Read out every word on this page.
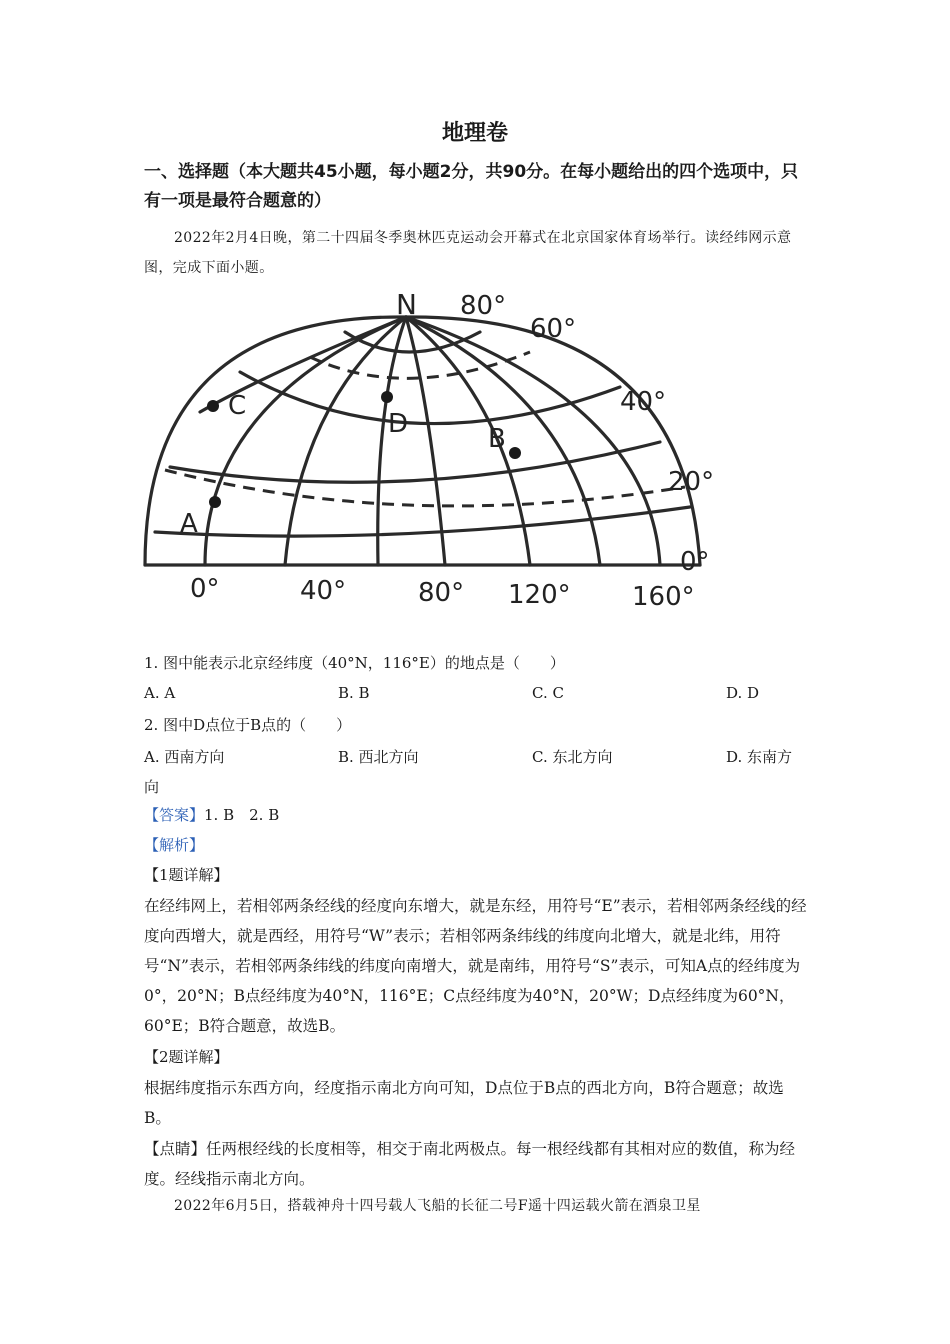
地理卷
一、选择题（本大题共45小题，每小题2分，共90分。在每小题给出的四个选项中，只有一项是最符合题意的）
2022年2月4日晚，第二十四届冬季奥林匹克运动会开幕式在北京国家体育场举行。读经纬网示意图，完成下面小题。
N 80°
60°
40°
20°
0°
0°	40°	80° 120° 160°
A
B
C
D
1. 图中能表示北京经纬度（40°N，116°E）的地点是（　　）
A. A	B. B	C. C	D. D
2. 图中D点位于B点的（　　）
A. 西南方向	B. 西北方向	C. 东北方向	D. 东南方
向
【答案】1. B　2. B
【解析】
【1题详解】
在经纬网上，若相邻两条经线的经度向东增大，就是东经，用符号“E”表示，若相邻两条经线的经度向西增大，就是西经，用符号“W”表示；若相邻两条纬线的纬度向北增大，就是北纬，用符号“N”表示，若相邻两条纬线的纬度向南增大，就是南纬，用符号“S”表示，可知A点的经纬度为0°，20°N；B点经纬度为40°N，116°E；C点经纬度为40°N，20°W；D点经纬度为60°N，60°E；B符合题意，故选B。
【2题详解】
根据纬度指示东西方向，经度指示南北方向可知，D点位于B点的西北方向，B符合题意；故选B。
【点睛】任两根经线的长度相等，相交于南北两极点。每一根经线都有其相对应的数值，称为经度。经线指示南北方向。
2022年6月5日，搭载神舟十四号载人飞船的长征二号F遥十四运载火箭在酒泉卫星
